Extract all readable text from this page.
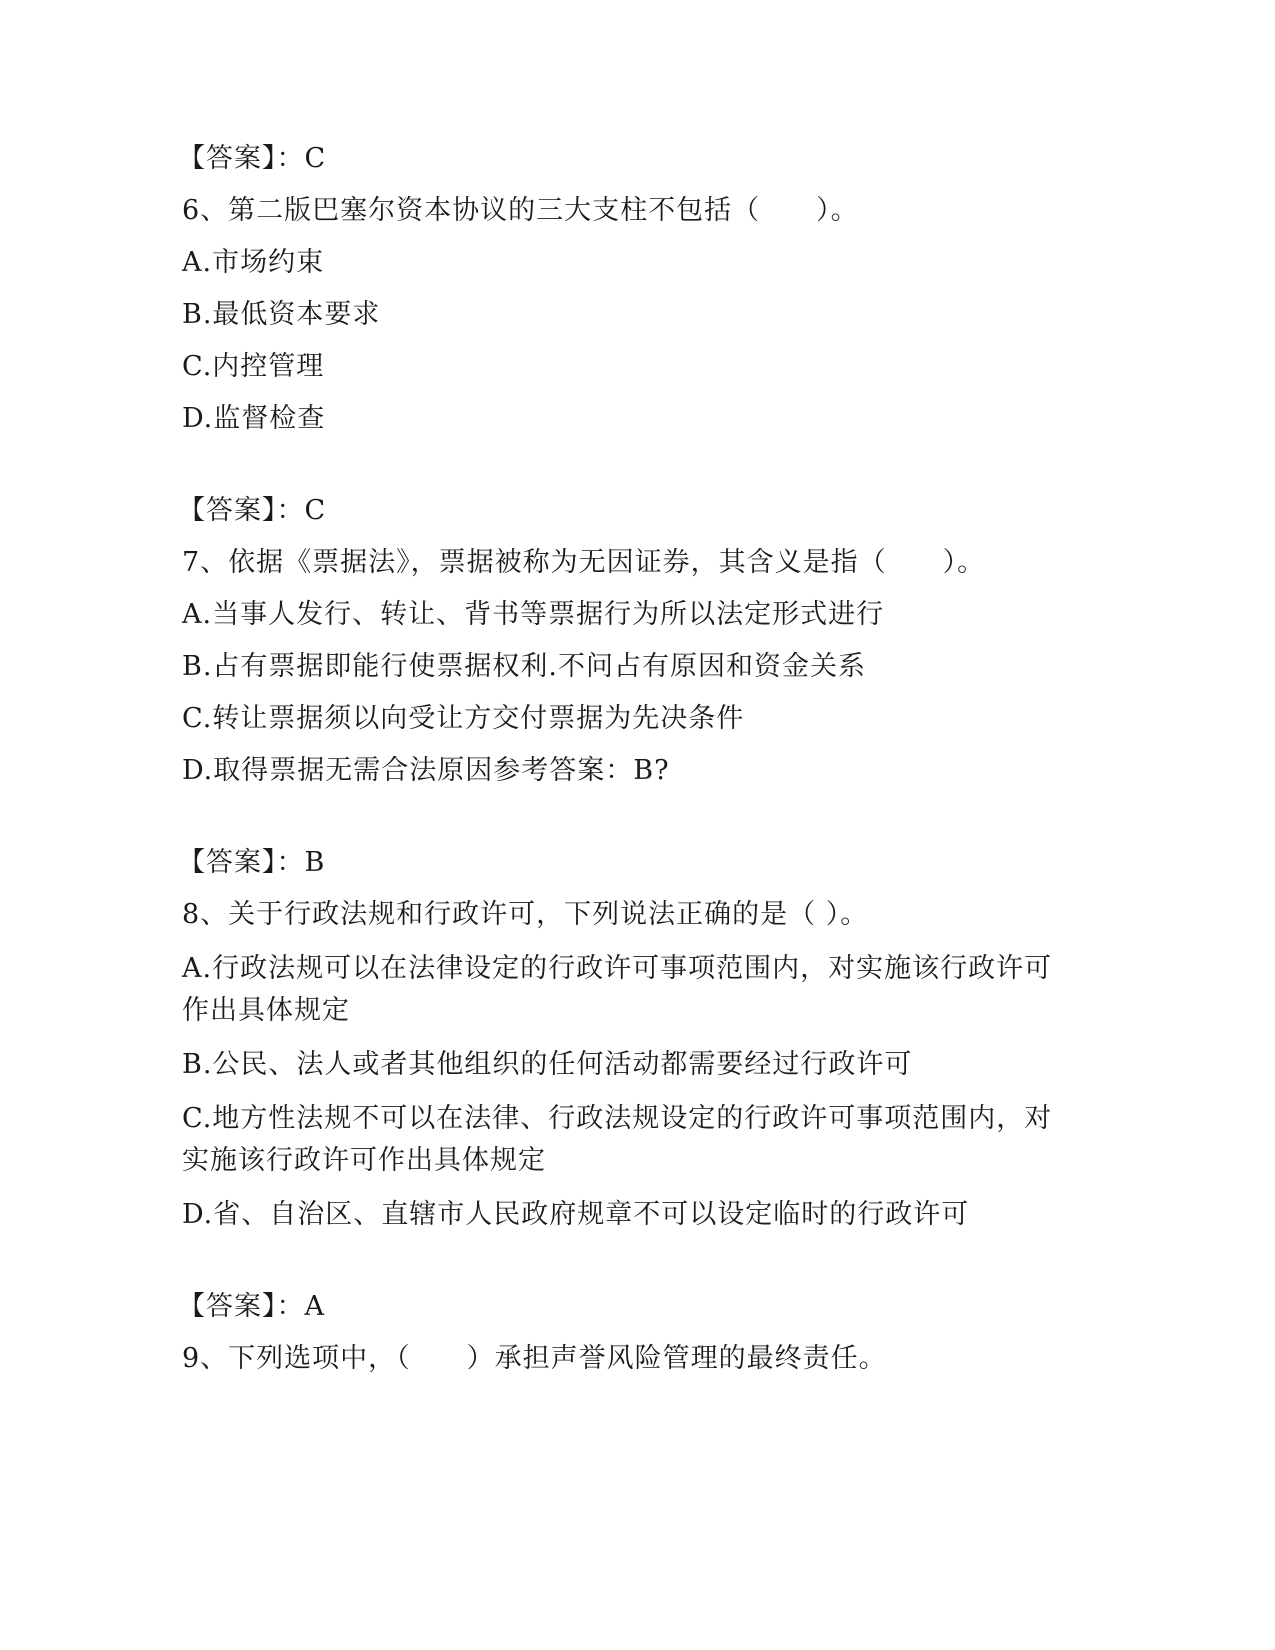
【答案】：C
6、第二版巴塞尔资本协议的三大支柱不包括（　　）。
A.市场约束
B.最低资本要求
C.内控管理
D.监督检查
【答案】：C
7、依据《票据法》，票据被称为无因证券，其含义是指（　　）。
A.当事人发行、转让、背书等票据行为所以法定形式进行
B.占有票据即能行使票据权利.不问占有原因和资金关系
C.转让票据须以向受让方交付票据为先决条件
D.取得票据无需合法原因参考答案：B?
【答案】：B
8、关于行政法规和行政许可，下列说法正确的是（ ）。
A.行政法规可以在法律设定的行政许可事项范围内，对实施该行政许可作出具体规定
B.公民、法人或者其他组织的任何活动都需要经过行政许可
C.地方性法规不可以在法律、行政法规设定的行政许可事项范围内，对实施该行政许可作出具体规定
D.省、自治区、直辖市人民政府规章不可以设定临时的行政许可
【答案】：A
9、下列选项中，（　　）承担声誉风险管理的最终责任。
